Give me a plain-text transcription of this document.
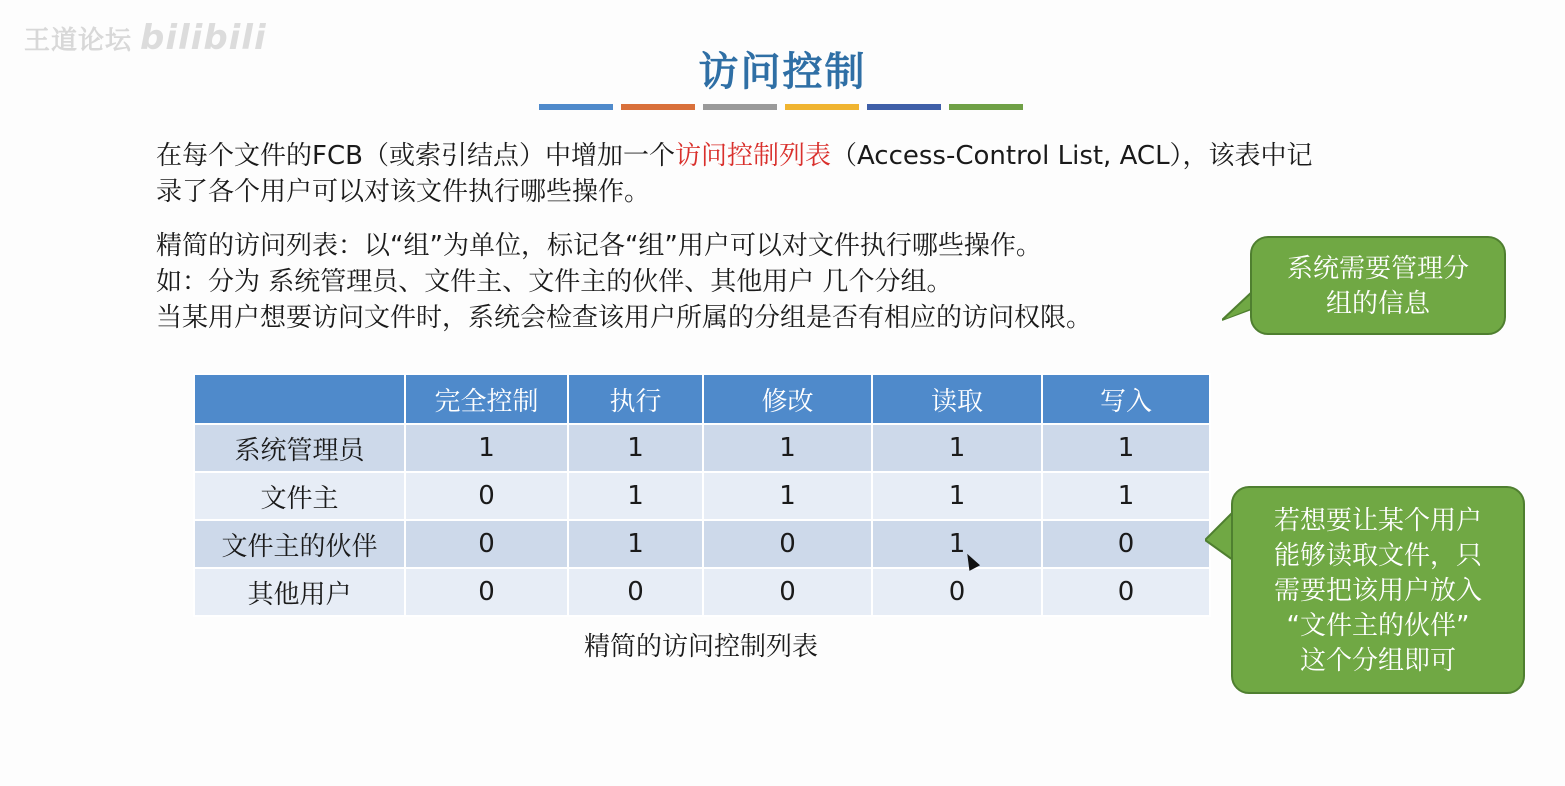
王道论坛 bilibili
访问控制
在每个文件的FCB（或索引结点）中增加一个访问控制列表（Access-Control List, ACL），该表中记
录了各个用户可以对该文件执行哪些操作。
精简的访问列表：以“组”为单位，标记各“组”用户可以对文件执行哪些操作。
如：分为 系统管理员、文件主、文件主的伙伴、其他用户 几个分组。
当某用户想要访问文件时，系统会检查该用户所属的分组是否有相应的访问权限。
系统需要管理分
组的信息
	完全控制	执行	修改	读取	写入
系统管理员	1	1	1	1	1
文件主	0	1	1	1	1
文件主的伙伴	0	1	0	1	0
其他用户	0	0	0	0	0
精简的访问控制列表
若想要让某个用户
能够读取文件，只
需要把该用户放入
“文件主的伙伴”
这个分组即可
